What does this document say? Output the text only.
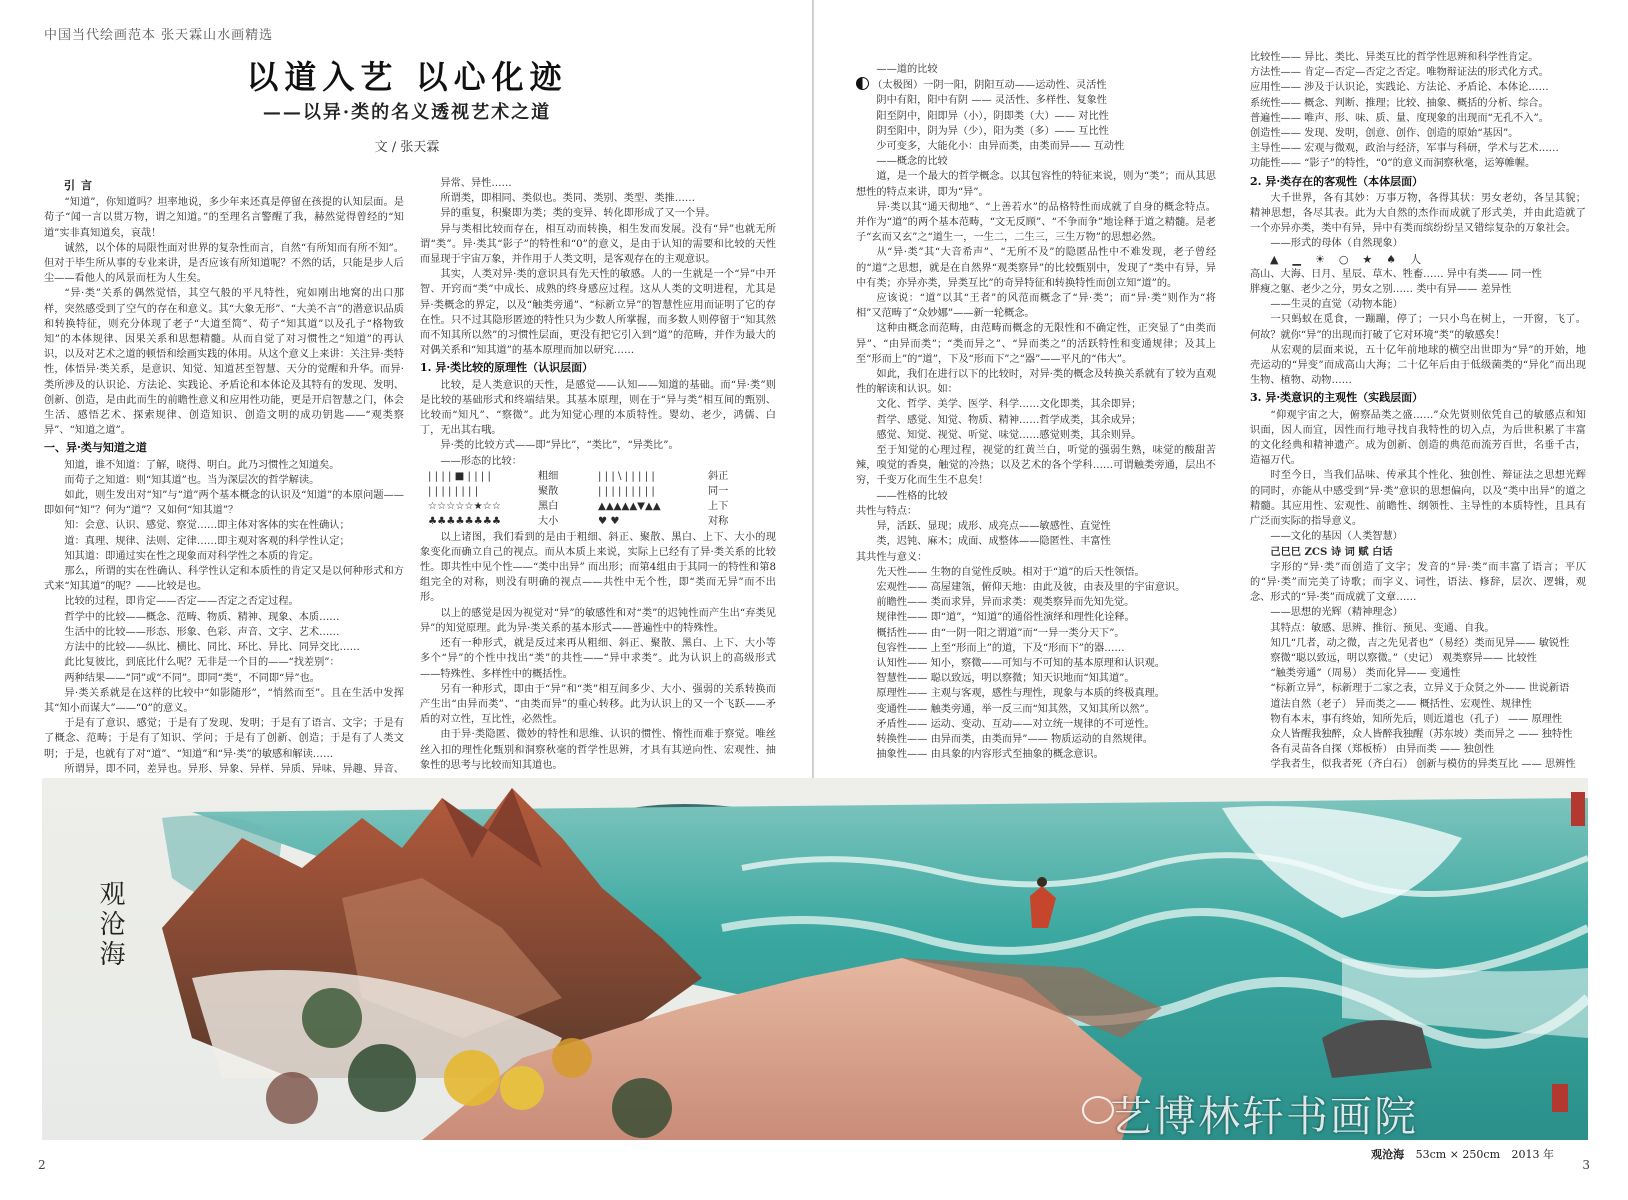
中国当代绘画范本 张天霖山水画精选
以道入艺 以心化迹
——以异·类的名义透视艺术之道
文 / 张天霖
引言

“知道”，你知道吗？坦率地说，多少年来还真是停留在孩提的认知层面。是荀子“闻一言以贯万物，谓之知道。”的至理名言警醒了我，赫然觉得曾经的“知道”实非真知道矣，哀哉！

诚然，以个体的局限性面对世界的复杂性而言，自然“有所知而有所不知”。但对于毕生所从事的专业来讲，是否应该有所知道呢？不然的话，只能是步人后尘——看他人的风景而枉为人生矣。

“异·类”关系的偶然觉悟，其空气般的平凡特性，宛如刚出地窝的出口那样，突然感受到了空气的存在和意义。其“大象无形”、“大美不言”的潜意识品质和转换特征，则充分体现了老子“大道至简”、荀子“知其道”以及孔子“格物致知”的本体规律、因果关系和思想精髓。从而自觉了对习惯性之“知道”的再认识，以及对艺术之道的顿悟和绘画实践的体用。从这个意义上来讲：关注异·类特性，体悟异·类关系，是意识、知觉、知道甚至智慧、天分的觉醒和升华。而异·类所涉及的认识论、方法论、实践论、矛盾论和本体论及其特有的发现、发明、创新、创造，是由此而生的前瞻性意义和应用性功能，更是开启智慧之门，体会生活、感悟艺术、探索规律、创造知识、创造文明的成功钥匙——“观类察异”、“知道之道”。

一、异·类与知道之道

知道，谁不知道：了解，晓得、明白。此乃习惯性之知道矣。

而荀子之知道：则“知其道”也。当为深层次的哲学解读。

如此，则生发出对“知”与“道”两个基本概念的认识及“知道”的本原问题——即如何“知”？何为“道”？又如何“知其道”？

知：会意、认识、感觉、察觉……即主体对客体的实在性确认；

道：真理、规律、法则、定律……即主观对客观的科学性认定；

知其道：即通过实在性之现象而对科学性之本质的肯定。

那么，所谓的实在性确认、科学性认定和本质性的肯定又是以何种形式和方式来“知其道”的呢？——比较是也。

比较的过程，即肯定——否定——否定之否定过程。

哲学中的比较——概念、范畴、物质、精神、现象、本质……

生活中的比较——形态、形象、色彩、声音、文字、艺术……

方法中的比较——纵比、横比、同比、环比、异比、同异交比……

此比复彼比，到底比什么呢？无非是一个目的——“找差别”：

两种结果——“同”或“不同”。即同“类”，不同即“异”也。

异·类关系就是在这样的比较中“如影随形”，“悄然而至”。且在生活中发挥其“知小而谋大”——“0”的意义。

于是有了意识、感觉；于是有了发现、发明；于是有了语言、文字；于是有了概念、范畴；于是有了知识、学问；于是有了创新、创造；于是有了人类文明；于是，也就有了对“道”、“知道”和“异·类”的敏感和解读……

所谓异，即不同，差异也。异形、异象、异样、异质、异味、异趣、异音、

异常、异性……

所谓类，即相同、类似也。类同、类别、类型、类推……

异的重复，积聚即为类；类的变异、转化即形成了又一个异。

异与类相比较而存在，相互动而转换，相生发而发展。没有“异”也就无所谓“类”。异·类其“影子”的特性和“0”的意义，是由于认知的需要和比较的天性而显现于宇宙万象，并作用于人类文明，是客观存在的主观意识。

其实，人类对异·类的意识具有先天性的敏感。人的一生就是一个“异”中开智、开窍而“类”中成长、成熟的终身感应过程。这从人类的文明进程，尤其是异·类概念的界定，以及“触类旁通”、“标新立异”的智慧性应用而证明了它的存在性。只不过其隐形匿迹的特性只为少数人所掌握，而多数人则停留于“知其然而不知其所以然”的习惯性层面，更没有把它引入到“道”的范畴，并作为最大的对偶关系和“知其道”的基本原理而加以研究……

1. 异·类比较的原理性（认识层面）

比较，是人类意识的天性，是感觉——认知——知道的基础。而“异·类”则是比较的基础形式和终端结果。其基本原理，则在于“异与类”相互间的甄别、比较而“知凡”、“察微”。此为知觉心理的本质特性。婴幼、老少，鸿儒、白丁，无出其右哦。

异·类的比较方式——即“异比”，“类比”，“异类比”。

——形态的比较：

| | | | ■ | | | |	粗细	| | | \ | | | | |	斜正
| | | | | | | |	聚散	| | | | | | | | |	同一
☆☆☆☆☆★☆☆	黑白	▲▲▲▲▲▼▲▲	上下
♣♣♣♣♣♣♣♣	大小	♥ ♥	对称

以上诸图，我们看到的是由于粗细、斜正、聚散、黑白、上下、大小的现象变化而确立自己的视点。而从本质上来说，实际上已经有了异·类关系的比较性。即共性中见个性——“类中出异” 而出形；而第4组由于其同一的特性和第8组完全的对称，则没有明确的视点——共性中无个性，即“类而无异”而不出形。

以上的感觉是因为视觉对“异”的敏感性和对“类”的迟钝性而产生出“弃类见异”的知觉原理。此为异·类关系的基本形式——普遍性中的特殊性。

还有一种形式，就是反过来再从粗细、斜正、聚散、黑白、上下、大小等多个“异”的个性中找出“类”的共性——“异中求类”。此为认识上的高级形式——特殊性、多样性中的概括性。

另有一种形式，即由于“异”和“类”相互间多少、大小、强弱的关系转换而产生出“由异而类”、“由类而异”的重心转移。此为认识上的又一个飞跃——矛盾的对立性，互比性，必然性。

由于异·类隐匿、微妙的特性和思维、认识的惯性、惰性而难于察觉。唯丝丝入扣的理性化甄别和洞察秋毫的哲学性思辨，才具有其逆向性、宏观性、抽象性的思考与比较而知其道也。

2	3

——道的比较

（太极图）一阴一阳，阴阳互动——运动性、灵活性

阴中有阳，阳中有阴 —— 灵活性、多样性、复象性

阳至阴中，阳即异（小），阴即类（大）—— 对比性

阴至阳中，阴为异（少），阳为类（多）—— 互比性

少可变多，大能化小：由异而类，由类而异—— 互动性

——概念的比较

道，是一个最大的哲学概念。以其包容性的特征来说，则为“类”；而从其思想性的特点来讲，即为“异”。

异·类以其“通天彻地”、“上善若水”的品格特性而成就了自身的概念特点。并作为“道”的两个基本范畴，“文无反顾”、“不争而争”地诠释于道之精髓。是老子“玄而又玄”之“道生一，一生二，二生三，三生万物”的思想必然。

从“异·类”其“大音希声”、“无所不及”的隐匿品性中不难发现，老子曾经的“道”之思想，就是在自然界“观类察异”的比较甄别中，发现了“类中有异，异中有类；亦异亦类，异类互比”的奇异特征和转换特性而创立知“道”的。

应该说：“道”以其“王者”的风范而概念了“异·类”；而“异·类”则作为“将相”又范畴了“众妙娜”——新一轮概念。

这种由概念而范畴，由范畴而概念的无限性和不确定性，正突显了“由类而异”、“由异而类”；“类而异之”、“异而类之”的活跃特性和变通规律；及其上至“形而上”的“道”，下及“形而下”之“器”——平凡的“伟大”。

如此，我们在进行以下的比较时，对异·类的概念及转换关系就有了较为直观性的解读和认识。如：

文化、哲学、美学、医学、科学……文化即类，其余即异；

哲学、感觉、知觉、物质、精神……哲学成类，其余成异；

感觉、知觉、视觉、听觉、味觉……感觉则类，其余则异。

至于知觉的心理过程，视觉的红黄兰白，听觉的强弱生熟，味觉的酸甜苦辣，嗅觉的香臭，触觉的冷热；以及艺术的各个学科……可谓触类旁通，层出不穷，千变万化而生生不息矣！

——性格的比较

共性与特点：

异，活跃、显现；成形、成亮点——敏感性、直觉性

类，迟钝、麻木；成面、成整体——隐匿性、丰富性

其共性与意义：

先天性—— 生物的自觉性反映。相对于“道”的后天性领悟。

宏观性—— 高屋建瓴，俯仰天地：由此及彼，由表及里的宇宙意识。

前瞻性—— 类而求异，异而求类：观类察异而先知先觉。

规律性—— 即“道”，“知道”的通俗性演绎和理性化诠释。

概括性—— 由“一阴一阳之谓道”而“一异一类分天下”。

包容性—— 上至“形而上”的道，下及“形而下”的器……

认知性—— 知小，察微——可知与不可知的基本原理和认识观。

智慧性—— 聪以致远，明以察微；知天识地而“知其道”。

原理性—— 主观与客观，感性与理性，现象与本质的终极真理。

变通性—— 触类旁通，举一反三而“知其然，又知其所以然”。

矛盾性—— 运动、变动、互动——对立统一规律的不可逆性。

转换性—— 由异而类，由类而异”—— 物质运动的自然规律。

抽象性—— 由具象的内容形式至抽象的概念意识。

比较性—— 异比、类比、异类互比的哲学性思辨和科学性肯定。

方法性—— 肯定—否定—否定之否定。唯物辩证法的形式化方式。

应用性—— 涉及于认识论，实践论、方法论、矛盾论、本体论……

系统性—— 概念、判断、推理；比较、抽象、概括的分析、综合。

普遍性—— 唯声、形、味、质、量、度现象的出现而“无孔不入”。

创造性—— 发现、发明，创意、创作、创造的原始“基因”。

主导性—— 宏观与微观，政治与经济，军事与科研，学术与艺术……

功能性—— “影子”的特性，“0”的意义而洞察秋毫，运筹帷幄。

2. 异·类存在的客观性（本体层面）

大千世界，各有其妙：万事万物，各得其状：男女老幼，各呈其貌；精神思想，各尽其表。此为大自然的杰作而成就了形式美，并由此造就了一个亦异亦类，类中有异，异中有类而缤纷纷呈又错综复杂的万象社会。

——形式的母体（自然现象）

▲ ▁ ☀ ○ ★ ♠ 人

高山、大海、日月、星辰、草木、牲畜…… 异中有类—— 同一性

胖瘦之躯、老少之分，男女之别…… 类中有异—— 差异性

——生灵的直觉（动物本能）

一只蚂蚁在觅食，一蹦蹦，停了；一只小鸟在树上，一开窗，飞了。何故？就你“异”的出现而打破了它对环境“类”的敏感矣！

从宏观的层面来说，五十亿年前地球的横空出世即为“异”的开始，地壳运动的“异变”而成高山大海；二十亿年后由于低级菌类的“异化”而出现生物、植物、动物……

3. 异·类意识的主观性（实践层面）

“仰观宇宙之大，俯察品类之盛……”众先贤则依凭自己的敏感点和知识面，因人而宜，因性而行地寻找自我特性的切入点，为后世积累了丰富的文化经典和精神遗产。成为创新、创造的典范而流芳百世，名垂千古，造福万代。

时至今日，当我们品味、传承其个性化、独创性、辩证法之思想光辉的同时，亦能从中感受到“异·类”意识的思想偏向，以及“类中出异”的道之精髓。其应用性、宏观性、前瞻性、纲领性、主导性的本质特性，且具有广泛而实际的指导意义。

——文化的基因（人类智慧）

己巳巳 ZCS 诗 词 赋 白话

字形的“异·类”而创造了文字；发音的“异·类”而丰富了语言；平仄的“异·类”而完美了诗歌；而字义、词性，语法、修辞，层次、逻辑，观念、形式的“异·类”而成就了文章……

——思想的光辉（精神理念）

其特点：敏感、思辨、推衍、预见、变通、自我。

知几“几者，动之微，吉之先见者也”（易经）类而见异—— 敏锐性

察微“聪以致远，明以察微。”（史记） 观类察异—— 比较性

“触类旁通”（周易） 类而化异—— 变通性

“标新立异”，标新理于二家之表，立异义于众贤之外—— 世说新语

道法自然（老子） 异而类之—— 概括性、宏观性、规律性

物有本末，事有终始，知所先后，则近道也（孔子） —— 原理性

众人皆醒我独醉，众人皆醉我独醒（苏东坡）类而异之 —— 独特性

各有灵苗各自探（郑板桥） 由异而类 —— 独创性

学我者生，似我者死（齐白石） 创新与模仿的异类互比 —— 思辨性

观沧海
艺博林轩书画院
观沧海 53cm × 250cm 2013 年
